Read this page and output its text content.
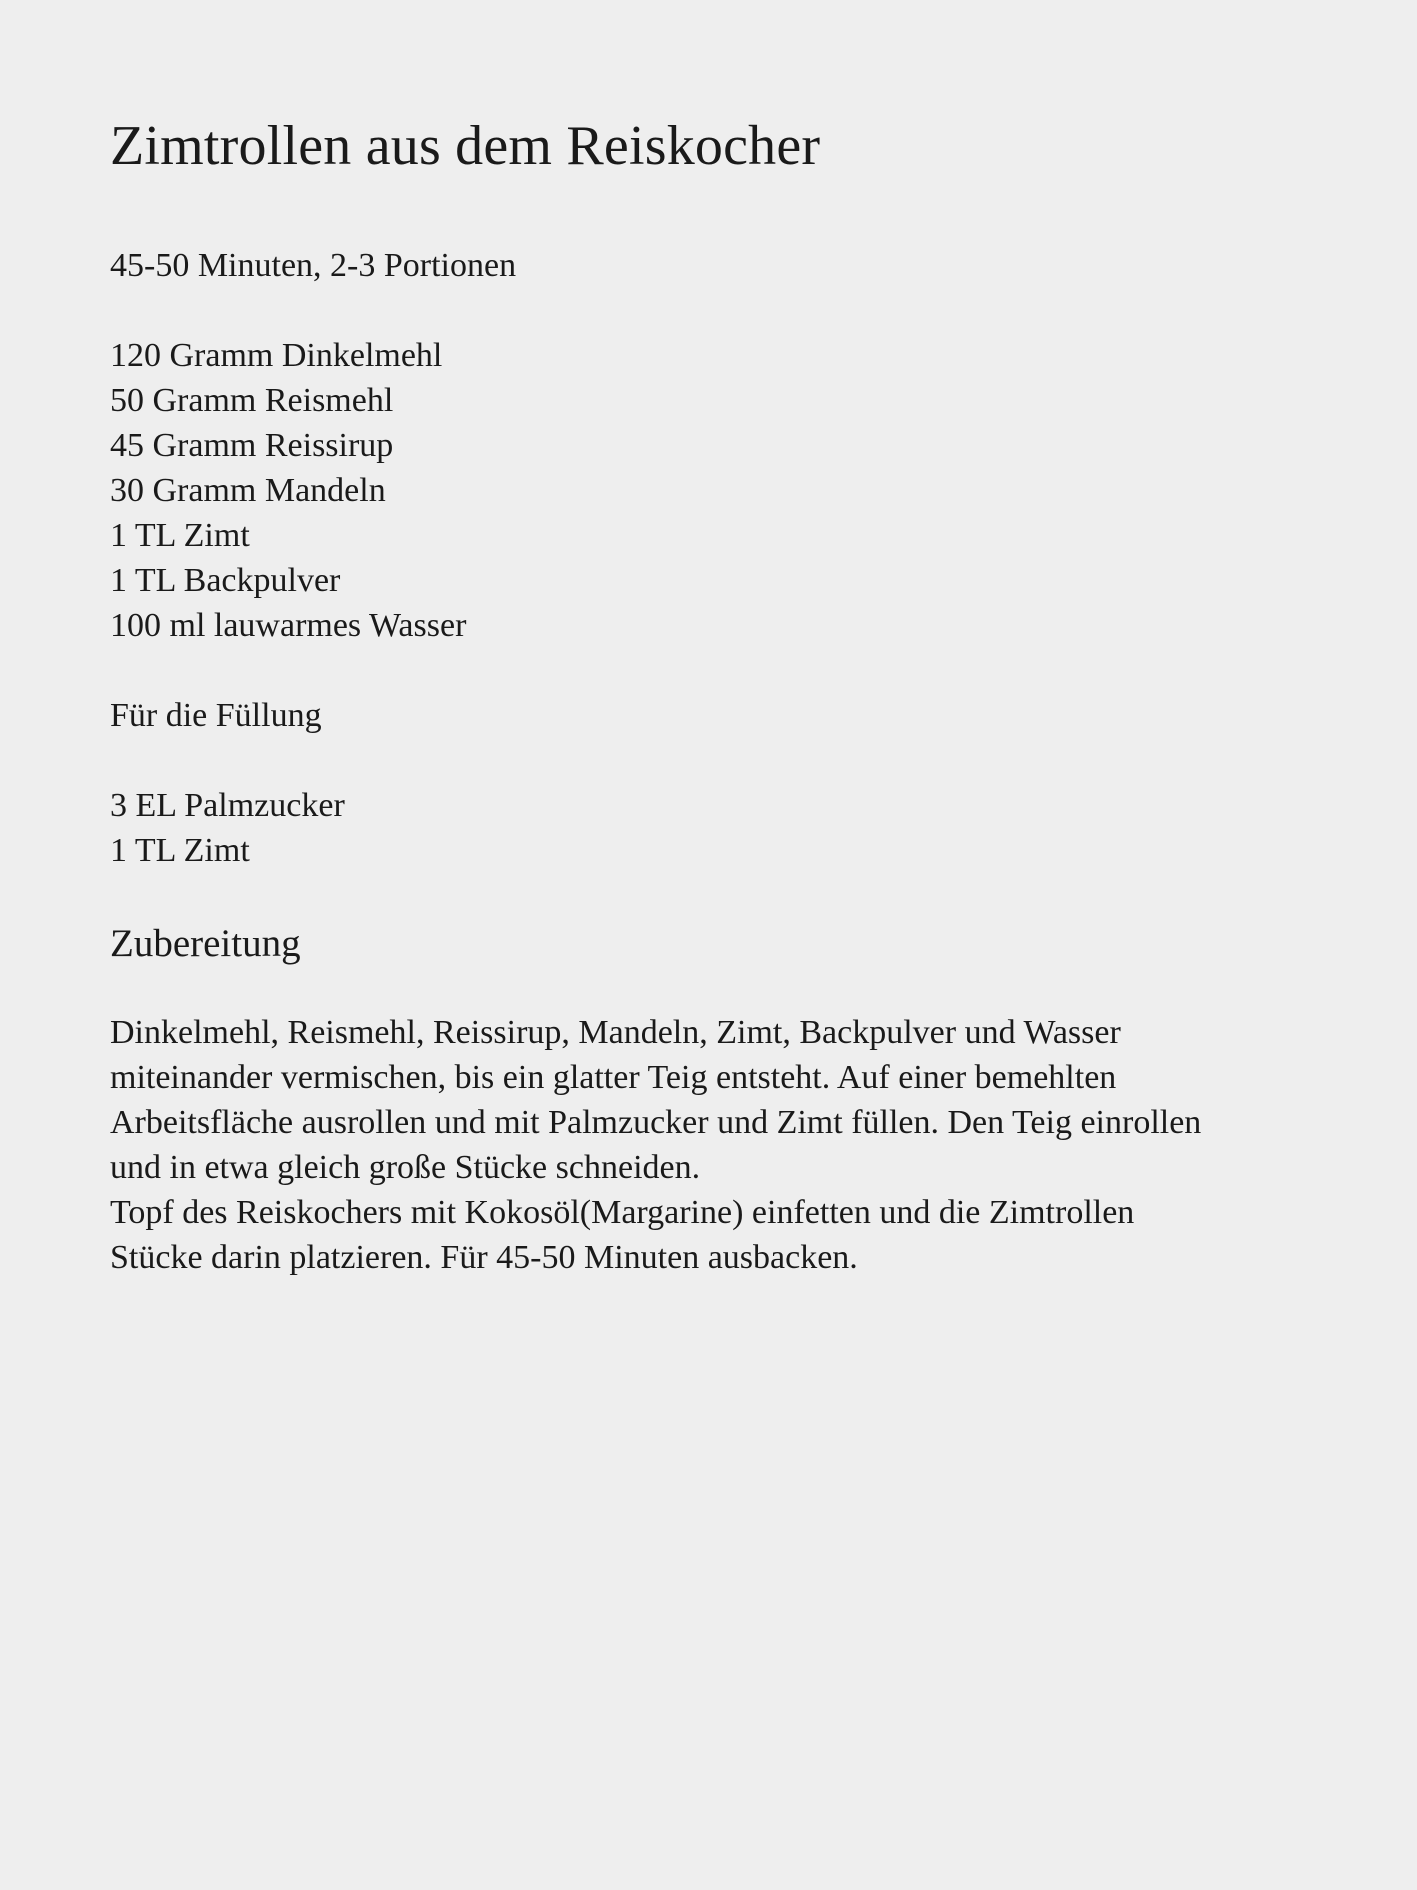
Zimtrollen aus dem Reiskocher

45-50 Minuten, 2-3 Portionen

120 Gramm Dinkelmehl
50 Gramm Reismehl
45 Gramm Reissirup
30 Gramm Mandeln
1 TL Zimt
1 TL Backpulver
100 ml lauwarmes Wasser
Für die Füllung
3 EL Palmzucker
1 TL Zimt
Zubereitung

Dinkelmehl, Reismehl, Reissirup, Mandeln, Zimt, Backpulver und Wasser
miteinander vermischen, bis ein glatter Teig entsteht. Auf einer bemehlten
Arbeitsfläche ausrollen und mit Palmzucker und Zimt füllen. Den Teig einrollen
und in etwa gleich große Stücke schneiden.
Topf des Reiskochers mit Kokosöl(Margarine) einfetten und die Zimtrollen
Stücke darin platzieren. Für 45-50 Minuten ausbacken.
